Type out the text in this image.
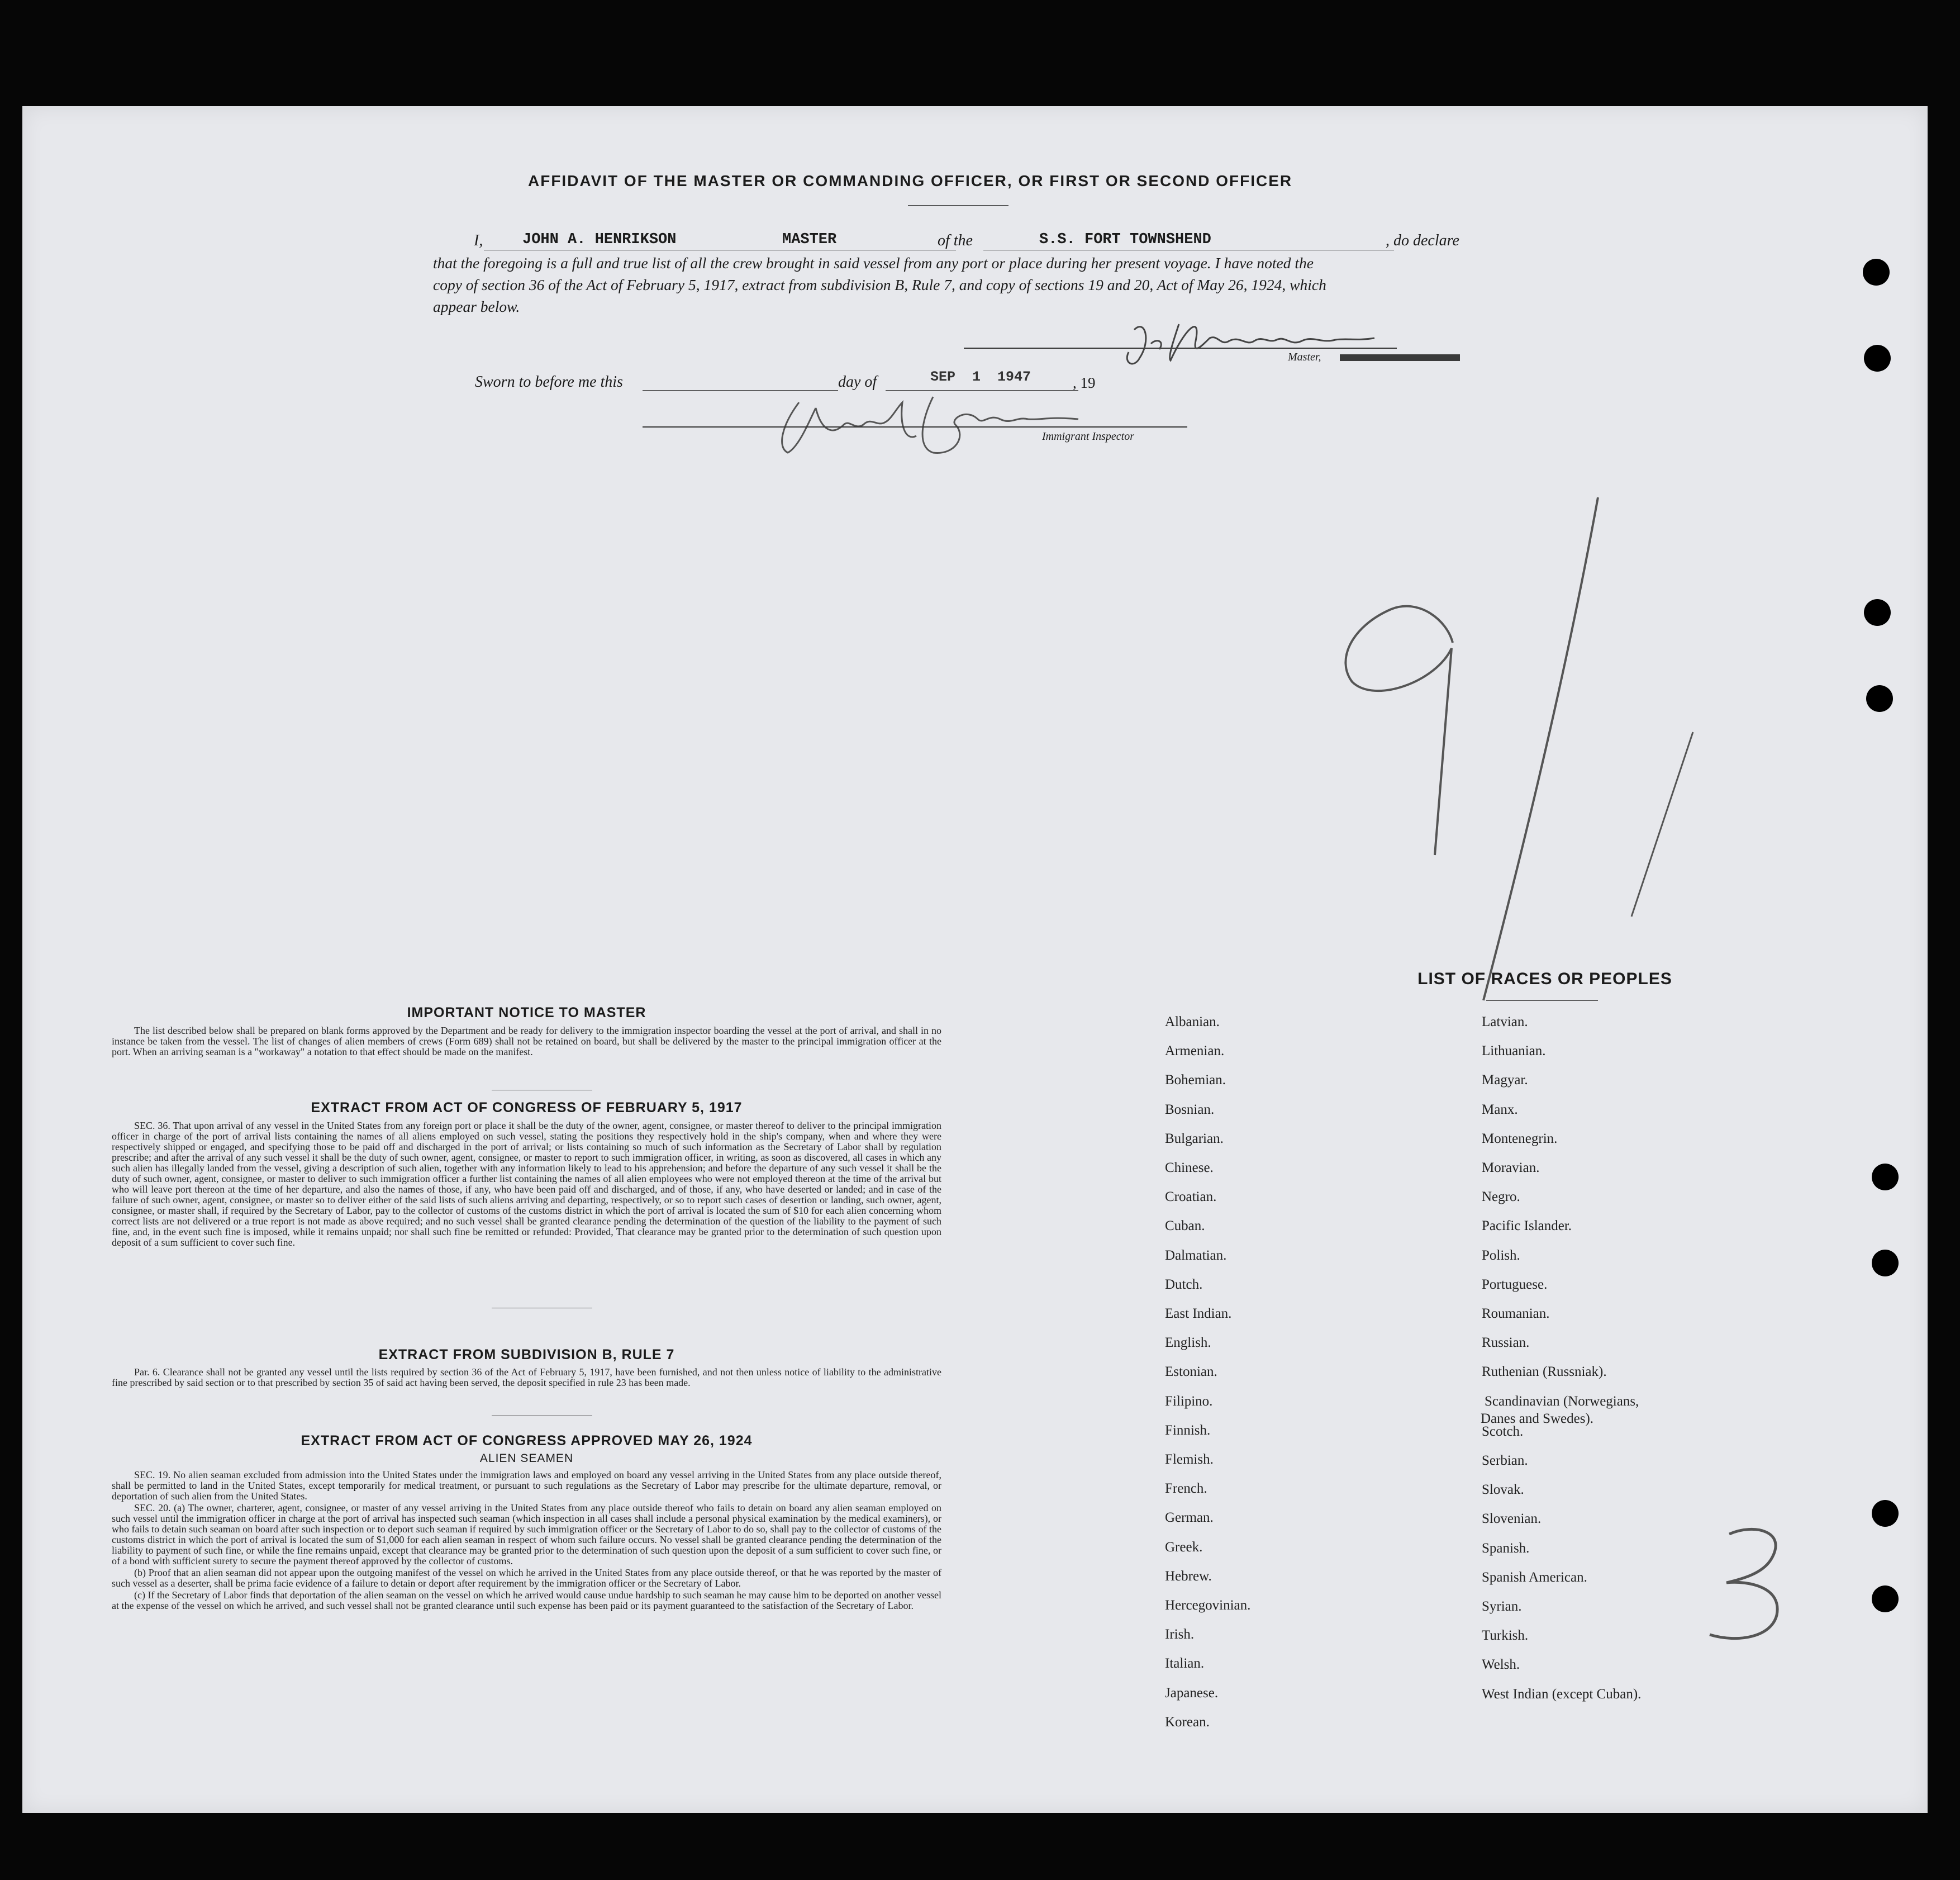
AFFIDAVIT OF THE MASTER OR COMMANDING OFFICER, OR FIRST OR SECOND OFFICER
I,	JOHN A. HENRIKSON	MASTER	of the	S.S. FORT TOWNSHEND	, do declare
that the foregoing is a full and true list of all the crew brought in said vessel from any port or place during her present voyage. I have noted the
copy of section 36 of the Act of February 5, 1917, extract from subdivision B, Rule 7, and copy of sections 19 and 20, Act of May 26, 1924, which
appear below.
Master,
Sworn to before me this	day of	SEP  1  1947	, 19
Immigrant Inspector
IMPORTANT NOTICE TO MASTER

The list described below shall be prepared on blank forms approved by the Department and be ready for delivery to the immigration inspector boarding the vessel at the port of arrival, and shall in no instance be taken from the vessel. The list of changes of alien members of crews (Form 689) shall not be retained on board, but shall be delivered by the master to the principal immigration officer at the port. When an arriving seaman is a "workaway" a notation to that effect should be made on the manifest.

EXTRACT FROM ACT OF CONGRESS OF FEBRUARY 5, 1917

SEC. 36. That upon arrival of any vessel in the United States from any foreign port or place it shall be the duty of the owner, agent, consignee, or master thereof to deliver to the principal immigration officer in charge of the port of arrival lists containing the names of all aliens employed on such vessel, stating the positions they respectively hold in the ship's company, when and where they were respectively shipped or engaged, and specifying those to be paid off and discharged in the port of arrival; or lists containing so much of such information as the Secretary of Labor shall by regulation prescribe; and after the arrival of any such vessel it shall be the duty of such owner, agent, consignee, or master to report to such immigration officer, in writing, as soon as discovered, all cases in which any such alien has illegally landed from the vessel, giving a description of such alien, together with any information likely to lead to his apprehension; and before the departure of any such vessel it shall be the duty of such owner, agent, consignee, or master to deliver to such immigration officer a further list containing the names of all alien employees who were not employed thereon at the time of the arrival but who will leave port thereon at the time of her departure, and also the names of those, if any, who have been paid off and discharged, and of those, if any, who have deserted or landed; and in case of the failure of such owner, agent, consignee, or master so to deliver either of the said lists of such aliens arriving and departing, respectively, or so to report such cases of desertion or landing, such owner, agent, consignee, or master shall, if required by the Secretary of Labor, pay to the collector of customs of the customs district in which the port of arrival is located the sum of $10 for each alien concerning whom correct lists are not delivered or a true report is not made as above required; and no such vessel shall be granted clearance pending the determination of the question of the liability to the payment of such fine, and, in the event such fine is imposed, while it remains unpaid; nor shall such fine be remitted or refunded: Provided, That clearance may be granted prior to the determination of such question upon deposit of a sum sufficient to cover such fine.

EXTRACT FROM SUBDIVISION B, RULE 7

Par. 6. Clearance shall not be granted any vessel until the lists required by section 36 of the Act of February 5, 1917, have been furnished, and not then unless notice of liability to the administrative fine prescribed by said section or to that prescribed by section 35 of said act having been served, the deposit specified in rule 23 has been made.

EXTRACT FROM ACT OF CONGRESS APPROVED MAY 26, 1924
ALIEN SEAMEN

SEC. 19. No alien seaman excluded from admission into the United States under the immigration laws and employed on board any vessel arriving in the United States from any place outside thereof, shall be permitted to land in the United States, except temporarily for medical treatment, or pursuant to such regulations as the Secretary of Labor may prescribe for the ultimate departure, removal, or deportation of such alien from the United States.

SEC. 20. (a) The owner, charterer, agent, consignee, or master of any vessel arriving in the United States from any place outside thereof who fails to detain on board any alien seaman employed on such vessel until the immigration officer in charge at the port of arrival has inspected such seaman (which inspection in all cases shall include a personal physical examination by the medical examiners), or who fails to detain such seaman on board after such inspection or to deport such seaman if required by such immigration officer or the Secretary of Labor to do so, shall pay to the collector of customs of the customs district in which the port of arrival is located the sum of $1,000 for each alien seaman in respect of whom such failure occurs. No vessel shall be granted clearance pending the determination of the liability to payment of such fine, or while the fine remains unpaid, except that clearance may be granted prior to the determination of such question upon the deposit of a sum sufficient to cover such fine, or of a bond with sufficient surety to secure the payment thereof approved by the collector of customs.

(b) Proof that an alien seaman did not appear upon the outgoing manifest of the vessel on which he arrived in the United States from any place outside thereof, or that he was reported by the master of such vessel as a deserter, shall be prima facie evidence of a failure to detain or deport after requirement by the immigration officer or the Secretary of Labor.

(c) If the Secretary of Labor finds that deportation of the alien seaman on the vessel on which he arrived would cause undue hardship to such seaman he may cause him to be deported on another vessel at the expense of the vessel on which he arrived, and such vessel shall not be granted clearance until such expense has been paid or its payment guaranteed to the satisfaction of the Secretary of Labor.

LIST OF RACES OR PEOPLES
Albanian.
Armenian.
Bohemian.
Bosnian.
Bulgarian.
Chinese.
Croatian.
Cuban.
Dalmatian.
Dutch.
East Indian.
English.
Estonian.
Filipino.
Finnish.
Flemish.
French.
German.
Greek.
Hebrew.
Hercegovinian.
Irish.
Italian.
Japanese.
Korean.
Latvian.
Lithuanian.
Magyar.
Manx.
Montenegrin.
Moravian.
Negro.
Pacific Islander.
Polish.
Portuguese.
Roumanian.
Russian.
Ruthenian (Russniak).
Scandinavian (Norwegians,
Scotch.
Serbian.
Slovak.
Slovenian.
Spanish.
Spanish American.
Syrian.
Turkish.
Welsh.
West Indian (except Cuban).
Danes and Swedes).
